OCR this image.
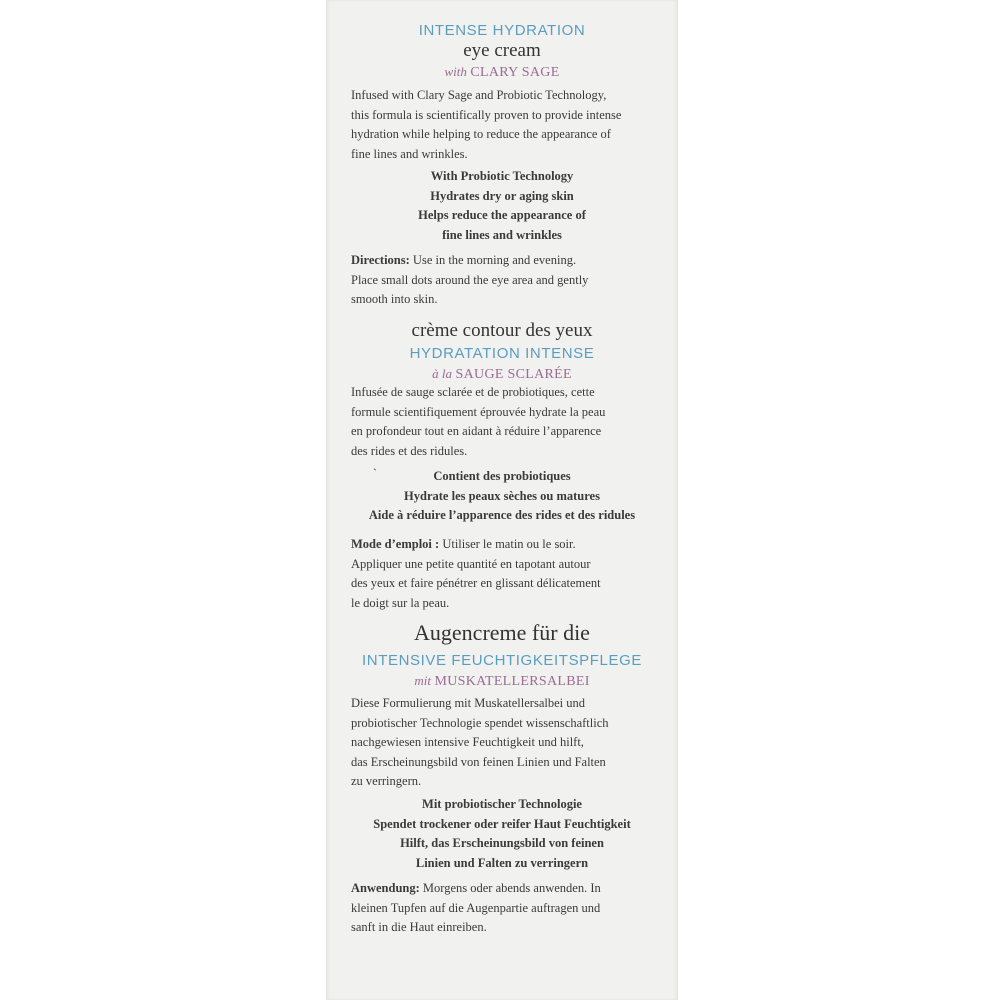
INTENSE HYDRATION
eye cream
with CLARY SAGE
Infused with Clary Sage and Probiotic Technology,
this formula is scientifically proven to provide intense
hydration while helping to reduce the appearance of
fine lines and wrinkles.
With Probiotic Technology
Hydrates dry or aging skin
Helps reduce the appearance of
fine lines and wrinkles
Directions: Use in the morning and evening.
Place small dots around the eye area and gently
smooth into skin.
crème contour des yeux
HYDRATATION INTENSE
à la SAUGE SCLARÉE
Infusée de sauge sclarée et de probiotiques, cette
formule scientifiquement éprouvée hydrate la peau
en profondeur tout en aidant à réduire l’apparence
des rides et des ridules.
`	Contient des probiotiques
Hydrate les peaux sèches ou matures
Aide à réduire l’apparence des rides et des ridules
Mode d’emploi : Utiliser le matin ou le soir.
Appliquer une petite quantité en tapotant autour
des yeux et faire pénétrer en glissant délicatement
le doigt sur la peau.
Augencreme für die
INTENSIVE FEUCHTIGKEITSPFLEGE
mit MUSKATELLERSALBEI
Diese Formulierung mit Muskatellersalbei und
probiotischer Technologie spendet wissenschaftlich
nachgewiesen intensive Feuchtigkeit und hilft,
das Erscheinungsbild von feinen Linien und Falten
zu verringern.
Mit probiotischer Technologie
Spendet trockener oder reifer Haut Feuchtigkeit
Hilft, das Erscheinungsbild von feinen
Linien und Falten zu verringern
Anwendung: Morgens oder abends anwenden. In
kleinen Tupfen auf die Augenpartie auftragen und
sanft in die Haut einreiben.
